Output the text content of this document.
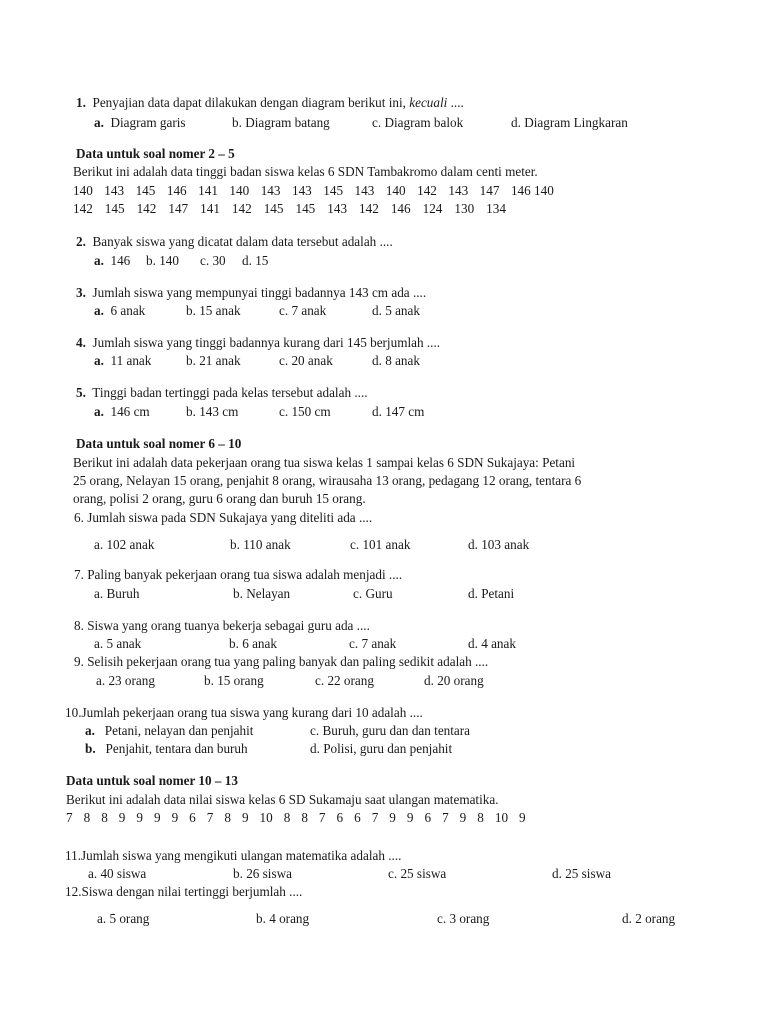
1. Penyajian data dapat dilakukan dengan diagram berikut ini, kecuali ....
a. Diagram garis	b. Diagram batang	c. Diagram balok	d. Diagram Lingkaran
Data untuk soal nomer 2 – 5
Berikut ini adalah data tinggi badan siswa kelas 6 SDN Tambakromo dalam centi meter.
140 143 145 146 141 140 143 143 145 143 140 142 143 147 146 140
142 145 142 147 141 142 145 145 143 142 146 124 130 134
2. Banyak siswa yang dicatat dalam data tersebut adalah ....
a. 146 b. 140 c. 30 d. 15
3. Jumlah siswa yang mempunyai tinggi badannya 143 cm ada ....
a. 6 anak	b. 15 anak	c. 7 anak	d. 5 anak
4. Jumlah siswa yang tinggi badannya kurang dari 145 berjumlah ....
a. 11 anak	b. 21 anak	c. 20 anak	d. 8 anak
5. Tinggi badan tertinggi pada kelas tersebut adalah ....
a. 146 cm	b. 143 cm	c. 150 cm	d. 147 cm
Data untuk soal nomer 6 – 10
Berikut ini adalah data pekerjaan orang tua siswa kelas 1 sampai kelas 6 SDN Sukajaya: Petani
25 orang, Nelayan 15 orang, penjahit 8 orang, wirausaha 13 orang, pedagang 12 orang, tentara 6
orang, polisi 2 orang, guru 6 orang dan buruh 15 orang.
6. Jumlah siswa pada SDN Sukajaya yang diteliti ada ....
a. 102 anak	b. 110 anak	c. 101 anak	d. 103 anak
7. Paling banyak pekerjaan orang tua siswa adalah menjadi ....
a. Buruh	b. Nelayan	c. Guru	d. Petani
8. Siswa yang orang tuanya bekerja sebagai guru ada ....
a. 5 anak	b. 6 anak	c. 7 anak	d. 4 anak
9. Selisih pekerjaan orang tua yang paling banyak dan paling sedikit adalah ....
a. 23 orang	b. 15 orang	c. 22 orang	d. 20 orang
10.Jumlah pekerjaan orang tua siswa yang kurang dari 10 adalah ....
a. Petani, nelayan dan penjahit	c. Buruh, guru dan dan tentara
b. Penjahit, tentara dan buruh	d. Polisi, guru dan penjahit
Data untuk soal nomer 10 – 13
Berikut ini adalah data nilai siswa kelas 6 SD Sukamaju saat ulangan matematika.
7 8 8 9 9 9 9 6 7 8 9 10 8 8 7 6 6 7 9 9 6 7 9 8 10 9
11.Jumlah siswa yang mengikuti ulangan matematika adalah ....
a. 40 siswa	b. 26 siswa	c. 25 siswa	d. 25 siswa
12.Siswa dengan nilai tertinggi berjumlah ....
a. 5 orang	b. 4 orang	c. 3 orang	d. 2 orang
